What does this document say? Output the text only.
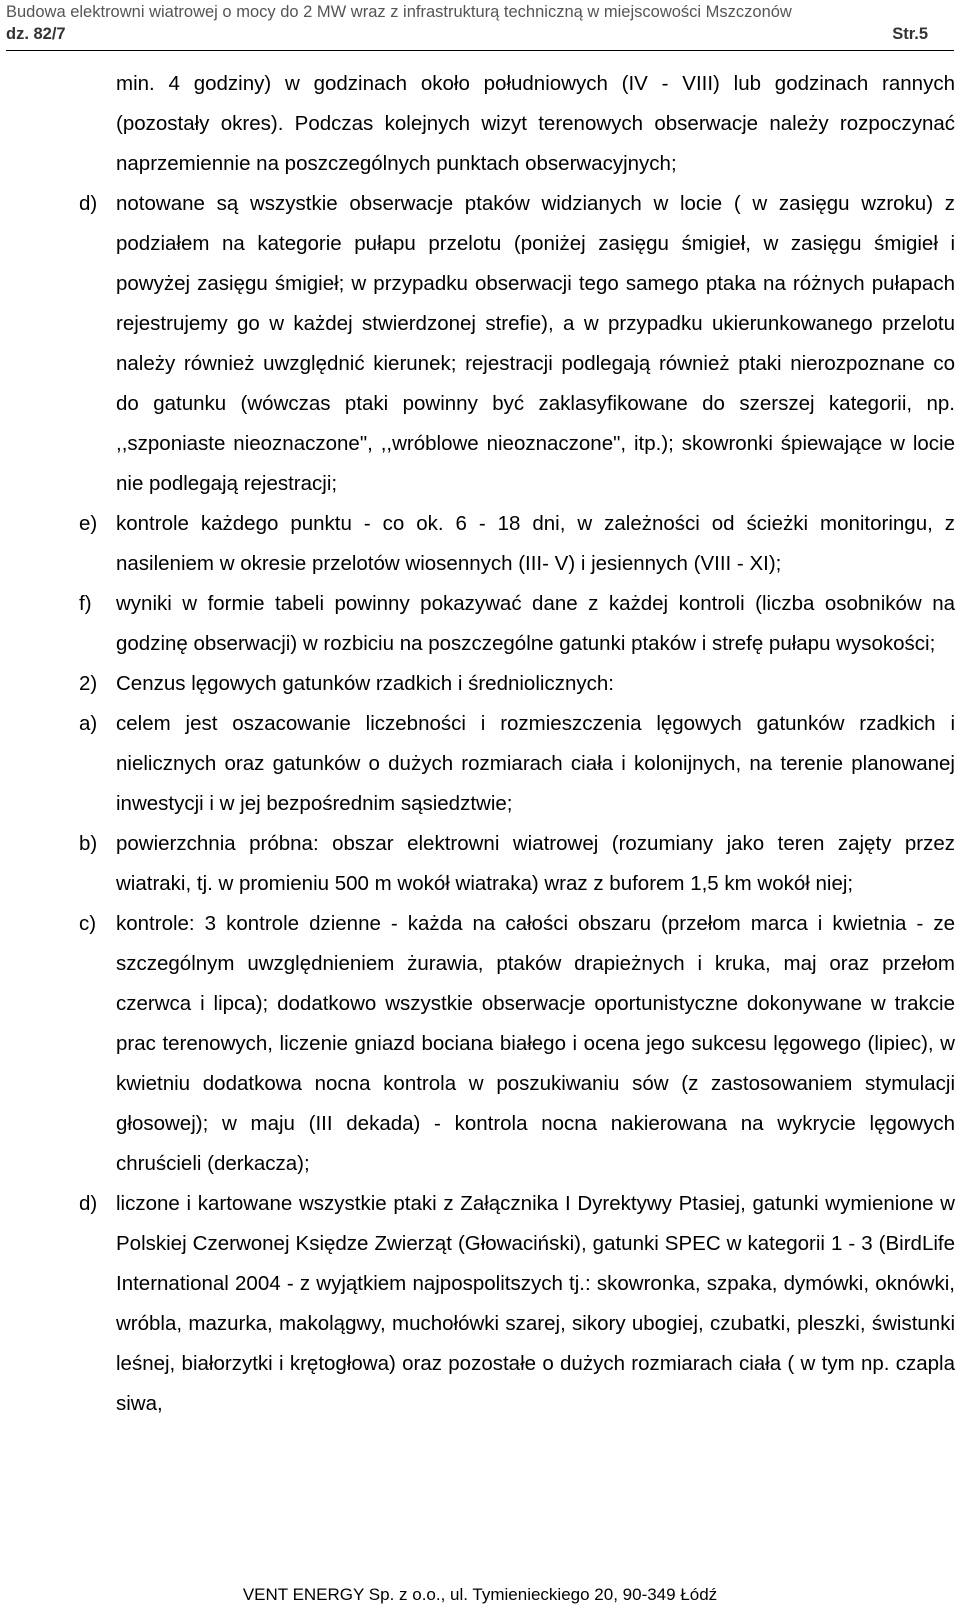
Budowa elektrowni wiatrowej o mocy do 2 MW wraz z infrastrukturą techniczną w miejscowości Mszczonów
dz. 82/7	Str.5
min. 4 godziny) w godzinach około południowych (IV - VIII) lub godzinach rannych (pozostały okres). Podczas kolejnych wizyt terenowych obserwacje należy rozpoczynać naprzemiennie na poszczególnych punktach obserwacyjnych;
d) notowane są wszystkie obserwacje ptaków widzianych w locie ( w zasięgu wzroku) z podziałem na kategorie pułapu przelotu (poniżej zasięgu śmigieł, w zasięgu śmigieł i powyżej zasięgu śmigieł; w przypadku obserwacji tego samego ptaka na różnych pułapach rejestrujemy go w każdej stwierdzonej strefie), a w przypadku ukierunkowanego przelotu należy również uwzględnić kierunek; rejestracji podlegają również ptaki nierozpoznane co do gatunku (wówczas ptaki powinny być zaklasyfikowane do szerszej kategorii, np. ,,szponiaste nieoznaczone", ,,wróblowe nieoznaczone", itp.); skowronki śpiewające w locie nie podlegają rejestracji;
e) kontrole każdego punktu - co ok. 6 - 18 dni, w zależności od ścieżki monitoringu, z nasileniem w okresie przelotów wiosennych (III- V) i jesiennych (VIII - XI);
f)	wyniki w formie tabeli powinny pokazywać dane z każdej kontroli (liczba osobników na godzinę obserwacji) w rozbiciu na poszczególne gatunki ptaków i strefę pułapu wysokości;
2) Cenzus lęgowych gatunków rzadkich i średniolicznych:
a) celem jest oszacowanie liczebności i rozmieszczenia lęgowych gatunków rzadkich i nielicznych oraz gatunków o dużych rozmiarach ciała i kolonijnych, na terenie planowanej inwestycji i w jej bezpośrednim sąsiedztwie;
b) powierzchnia próbna: obszar elektrowni wiatrowej (rozumiany jako teren zajęty przez wiatraki, tj. w promieniu 500 m wokół wiatraka) wraz z buforem 1,5 km wokół niej;
c) kontrole: 3 kontrole dzienne - każda na całości obszaru (przełom marca i kwietnia - ze szczególnym uwzględnieniem żurawia, ptaków drapieżnych i kruka, maj oraz przełom czerwca i lipca); dodatkowo wszystkie obserwacje oportunistyczne dokonywane w trakcie prac terenowych, liczenie gniazd bociana białego i ocena jego sukcesu lęgowego (lipiec), w kwietniu dodatkowa nocna kontrola w poszukiwaniu sów (z zastosowaniem stymulacji głosowej); w maju (III dekada) - kontrola nocna nakierowana na wykrycie lęgowych chruścieli (derkacza);
d) liczone i kartowane wszystkie ptaki z Załącznika I Dyrektywy Ptasiej, gatunki wymienione w Polskiej Czerwonej Księdze Zwierząt (Głowaciński), gatunki SPEC w kategorii 1 - 3 (BirdLife International 2004 - z wyjątkiem najpospolitszych tj.: skowronka, szpaka, dymówki, oknówki, wróbla, mazurka, makolągwy, muchołówki szarej, sikory ubogiej, czubatki, pleszki, świstunki leśnej, białorzytki i krętogłowa) oraz pozostałe o dużych rozmiarach ciała ( w tym np. czapla siwa,
VENT ENERGY Sp. z o.o., ul. Tymienieckiego 20, 90-349 Łódź
